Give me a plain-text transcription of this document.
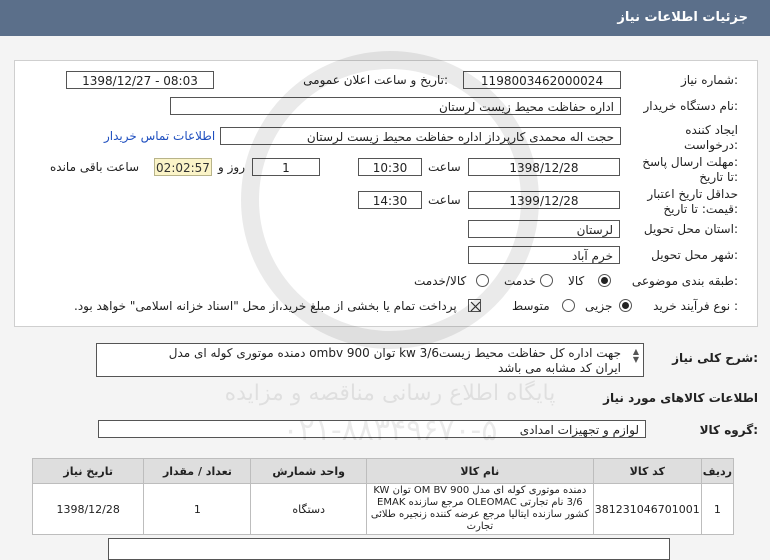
جزئیات اطلاعات نیاز
شماره نیاز:
1198003462000024
تاریخ و ساعت اعلان عمومی:
1398/12/27 - 08:03
نام دستگاه خریدار:
اداره حفاظت محیط زیست لرستان
ایجاد کننده
درخواست:
حجت اله محمدی کارپرداز اداره حفاظت محیط زیست لرستان
اطلاعات تماس خریدار
مهلت ارسال پاسخ:
تا تاریخ:
1398/12/28
ساعت
10:30
1
روز و
02:02:57
ساعت باقی مانده
حداقل تاریخ اعتبار
قیمت: تا تاریخ:
1399/12/28
ساعت
14:30
استان محل تحویل:
لرستان
شهر محل تحویل:
خرم آباد
طبقه بندی موضوعی:
کالا
خدمت
کالا/خدمت
نوع فرآیند خرید :
جزیی
متوسط
پرداخت تمام یا بخشی از مبلغ خرید،از محل "اسناد خزانه اسلامی" خواهد بود.
شرح کلی نیاز:
▲
▼
دمنده موتوری کوله ای مدل ombv 900 توان kw 3/6جهت اداره کل حفاظت محیط زیست
ایران کد مشابه می باشد
اطلاعات کالاهای مورد نیاز
گروه کالا:
لوازم و تجهیزات امدادی
ردیف	کد کالا	نام کالا	واحد شمارش	تعداد / مقدار	تاریخ نیاز
1	381231046701001	دمنده موتوری کوله ای مدل OM BV 900 توان KW 3/6 نام تجارتی OLEOMAC مرجع سازنده EMAK کشور سازنده ایتالیا مرجع عرضه کننده زنجیره طلائی تجارت	دستگاه	1	1398/12/28
پایگاه اطلاع رسانی مناقصه و مزایده
